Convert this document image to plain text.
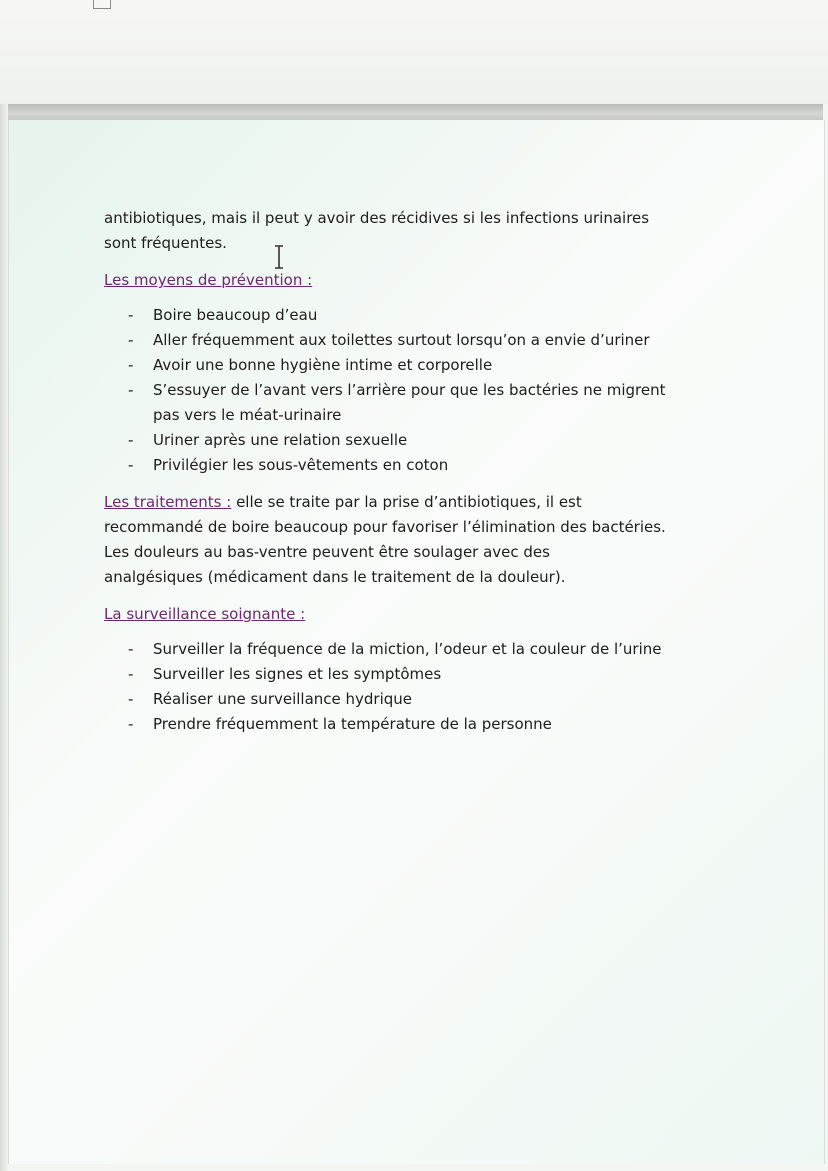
antibiotiques, mais il peut y avoir des récidives si les infections urinaires

sont fréquentes.

Les moyens de prévention :

- Boire beaucoup d’eau
- Aller fréquemment aux toilettes surtout lorsqu’on a envie d’uriner
- Avoir une bonne hygiène intime et corporelle
- S’essuyer de l’avant vers l’arrière pour que les bactéries ne migrent
pas vers le méat-urinaire
- Uriner après une relation sexuelle
- Privilégier les sous-vêtements en coton

Les traitements : elle se traite par la prise d’antibiotiques, il est

recommandé de boire beaucoup pour favoriser l’élimination des bactéries.

Les douleurs au bas-ventre peuvent être soulager avec des

analgésiques (médicament dans le traitement de la douleur).

La surveillance soignante :

- Surveiller la fréquence de la miction, l’odeur et la couleur de l’urine
- Surveiller les signes et les symptômes
- Réaliser une surveillance hydrique
- Prendre fréquemment la température de la personne
